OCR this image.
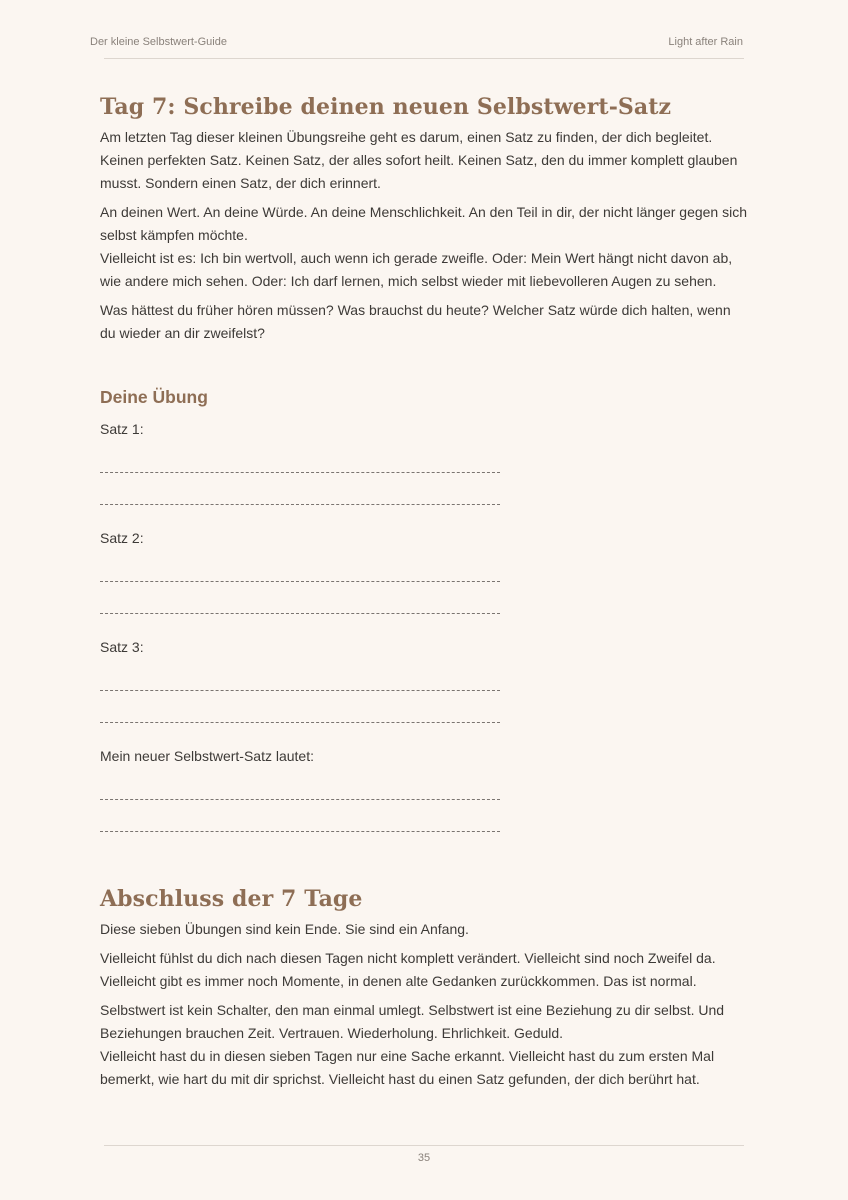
Der kleine Selbstwert-Guide	Light after Rain
Tag 7: Schreibe deinen neuen Selbstwert-Satz

Am letzten Tag dieser kleinen Übungsreihe geht es darum, einen Satz zu finden, der dich begleitet. Keinen perfekten Satz. Keinen Satz, der alles sofort heilt. Keinen Satz, den du immer komplett glauben musst. Sondern einen Satz, der dich erinnert.

An deinen Wert. An deine Würde. An deine Menschlichkeit. An den Teil in dir, der nicht länger gegen sich selbst kämpfen möchte.

Vielleicht ist es: Ich bin wertvoll, auch wenn ich gerade zweifle. Oder: Mein Wert hängt nicht davon ab, wie andere mich sehen. Oder: Ich darf lernen, mich selbst wieder mit liebevolleren Augen zu sehen.

Was hättest du früher hören müssen? Was brauchst du heute? Welcher Satz würde dich halten, wenn du wieder an dir zweifelst?

Deine Übung
Satz 1:
Satz 2:
Satz 3:
Mein neuer Selbstwert-Satz lautet:
Abschluss der 7 Tage

Diese sieben Übungen sind kein Ende. Sie sind ein Anfang.

Vielleicht fühlst du dich nach diesen Tagen nicht komplett verändert. Vielleicht sind noch Zweifel da. Vielleicht gibt es immer noch Momente, in denen alte Gedanken zurückkommen. Das ist normal.

Selbstwert ist kein Schalter, den man einmal umlegt. Selbstwert ist eine Beziehung zu dir selbst. Und Beziehungen brauchen Zeit. Vertrauen. Wiederholung. Ehrlichkeit. Geduld.

Vielleicht hast du in diesen sieben Tagen nur eine Sache erkannt. Vielleicht hast du zum ersten Mal bemerkt, wie hart du mit dir sprichst. Vielleicht hast du einen Satz gefunden, der dich berührt hat.

35
